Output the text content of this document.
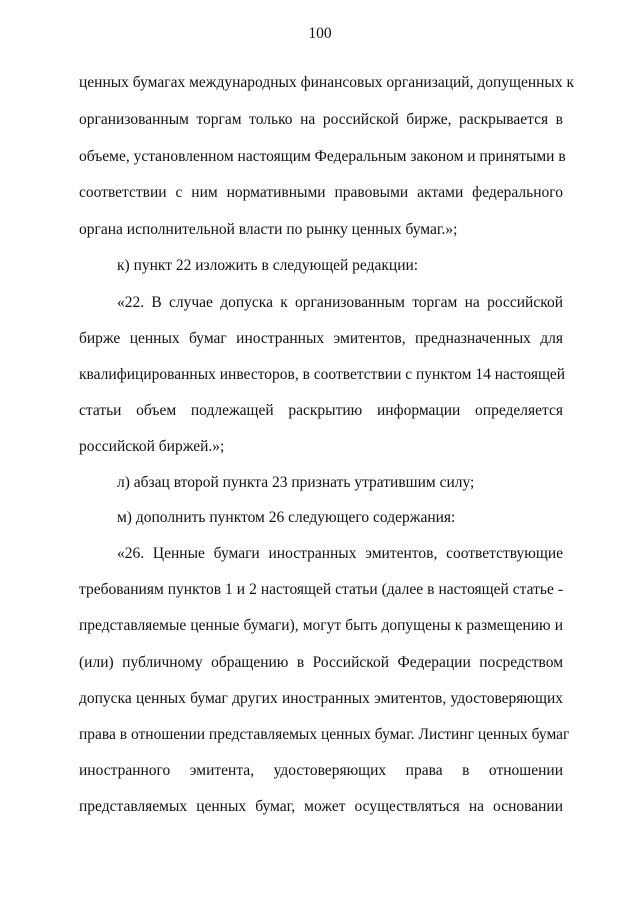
100
ценных бумагах международных финансовых организаций, допущенных к
организованным торгам только на российской бирже, раскрывается в
объеме, установленном настоящим Федеральным законом и принятыми в
соответствии с ним нормативными правовыми актами федерального
органа исполнительной власти по рынку ценных бумаг.»;
к) пункт 22 изложить в следующей редакции:
«22. В случае допуска к организованным торгам на российской
бирже ценных бумаг иностранных эмитентов, предназначенных для
квалифицированных инвесторов, в соответствии с пунктом 14 настоящей
статьи объем подлежащей раскрытию информации определяется
российской биржей.»;
л) абзац второй пункта 23 признать утратившим силу;
м) дополнить пунктом 26 следующего содержания:
«26. Ценные бумаги иностранных эмитентов, соответствующие
требованиям пунктов 1 и 2 настоящей статьи (далее в настоящей статье -
представляемые ценные бумаги), могут быть допущены к размещению и
(или) публичному обращению в Российской Федерации посредством
допуска ценных бумаг других иностранных эмитентов, удостоверяющих
права в отношении представляемых ценных бумаг. Листинг ценных бумаг
иностранного эмитента, удостоверяющих права в отношении
представляемых ценных бумаг, может осуществляться на основании
